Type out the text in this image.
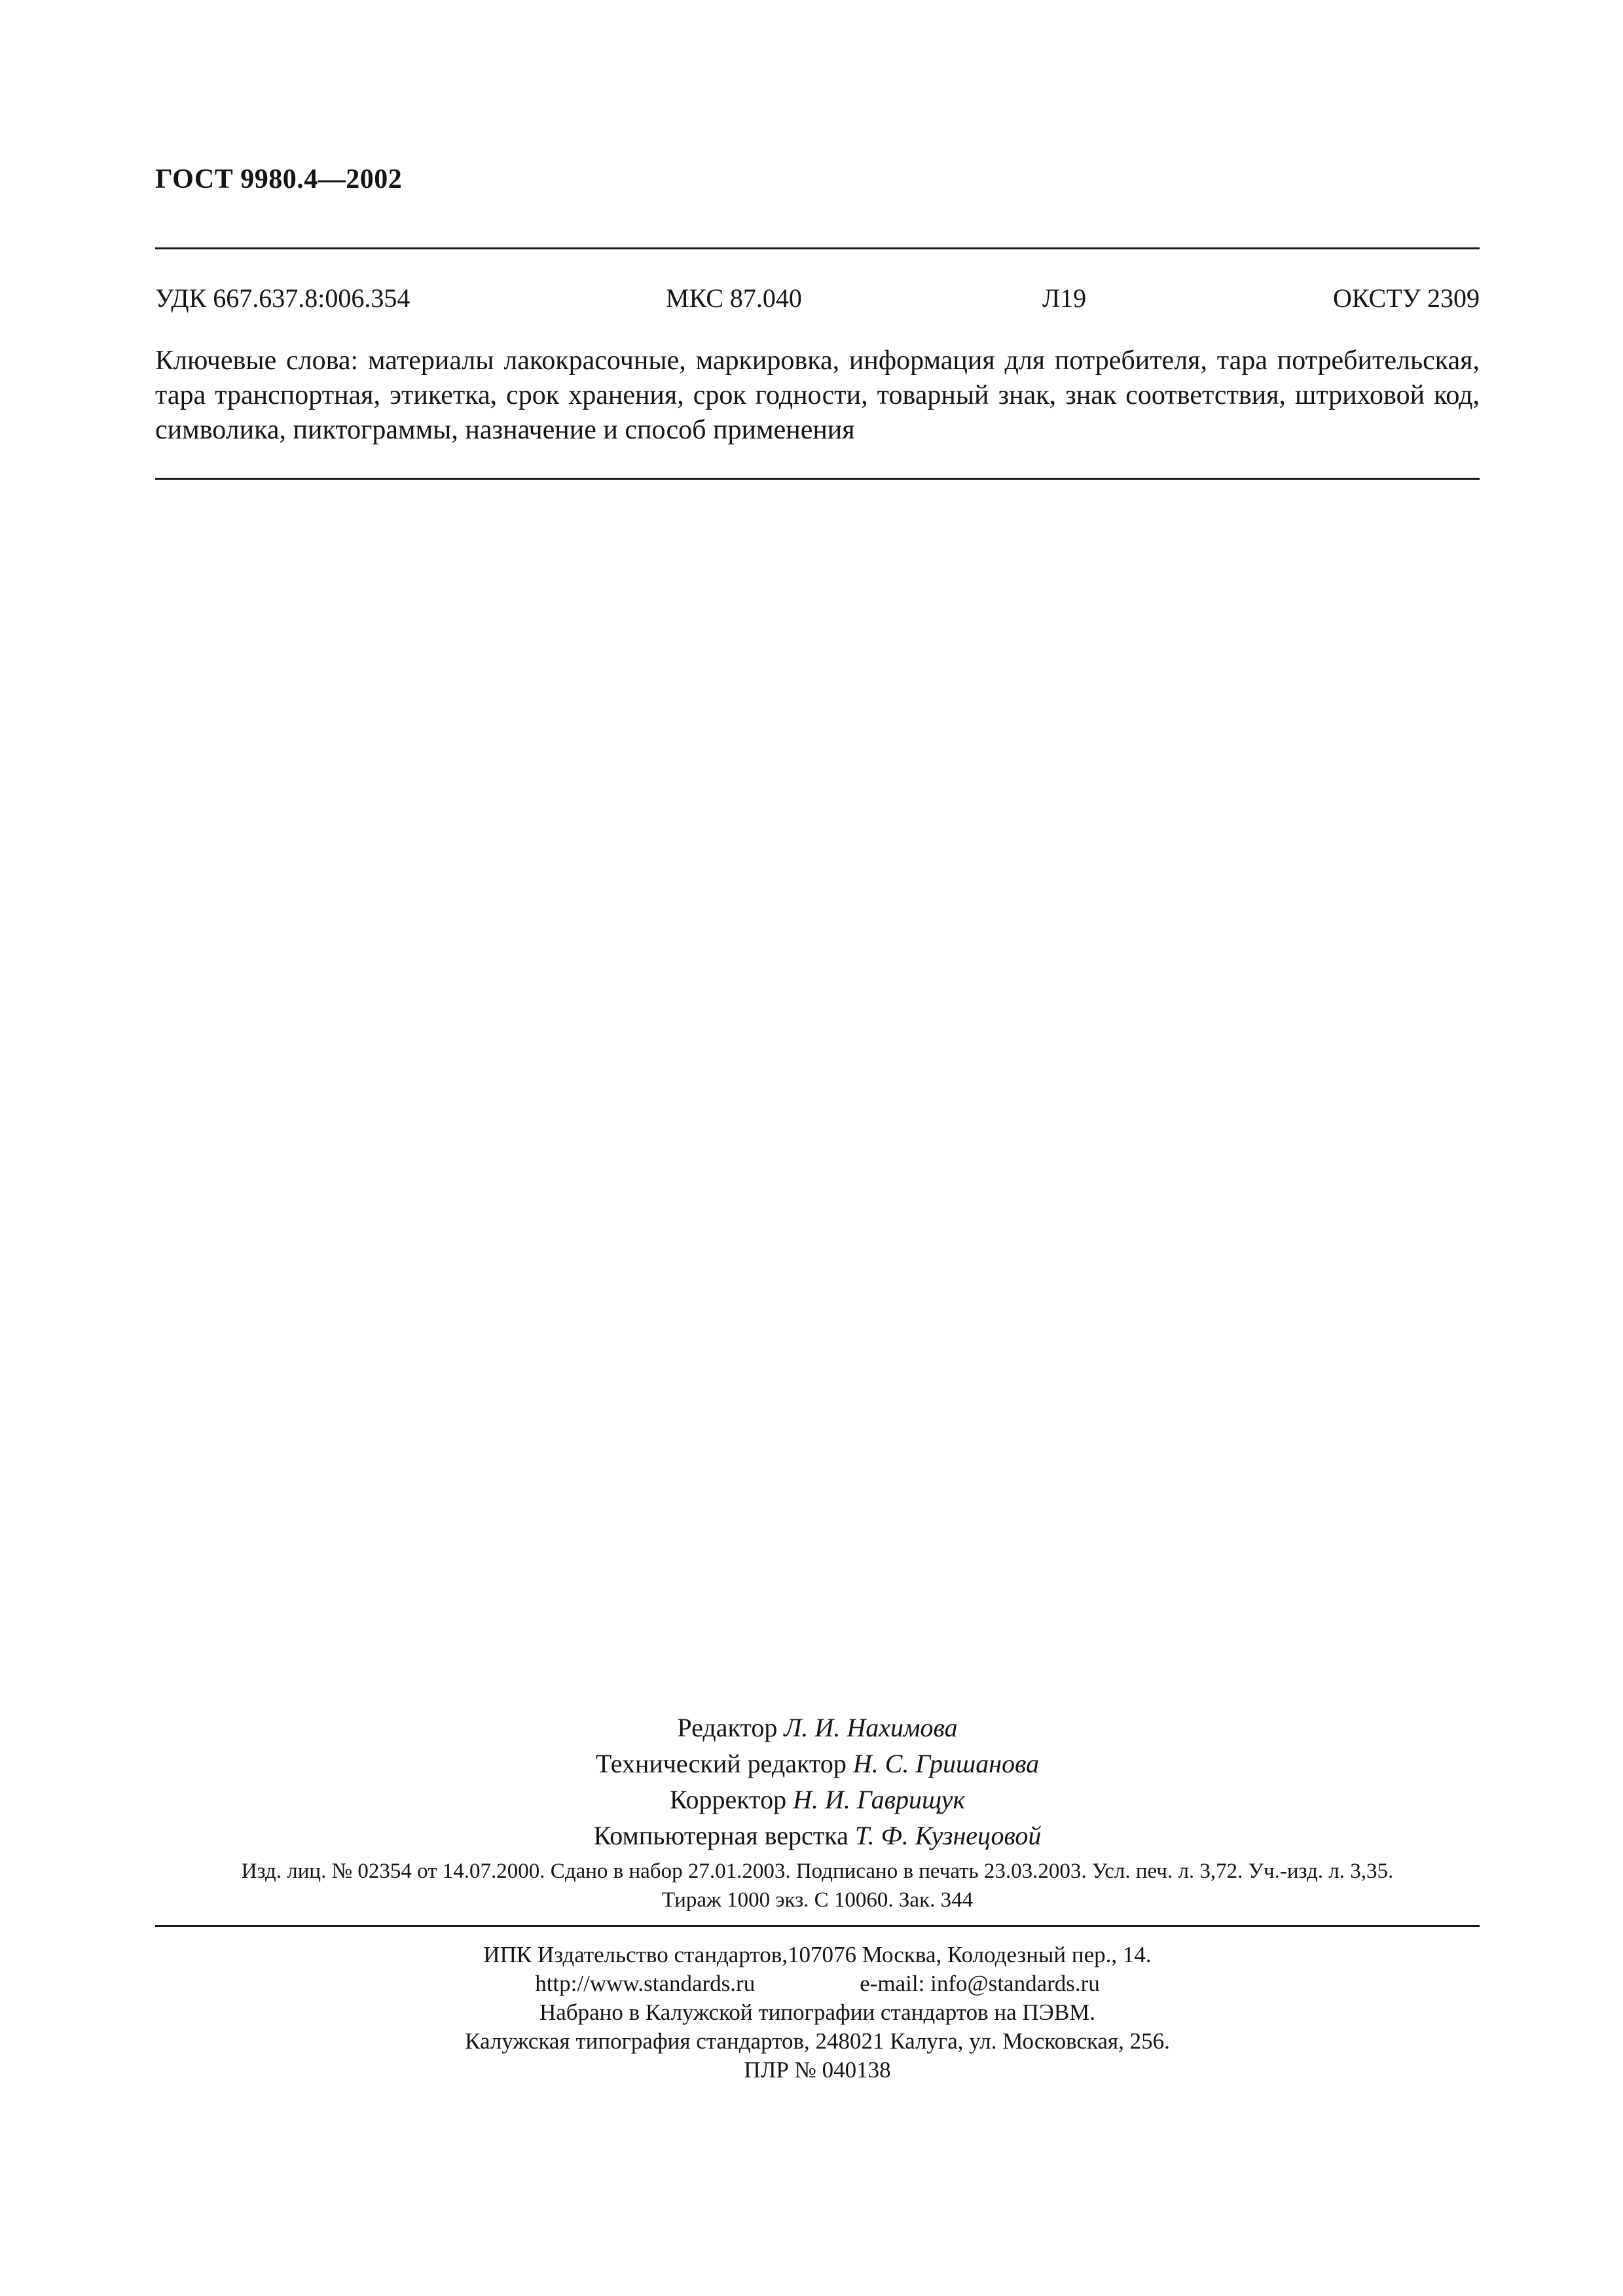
ГОСТ 9980.4—2002
УДК 667.637.8:006.354	МКС 87.040	Л19	ОКСТУ 2309
Ключевые слова: материалы лакокрасочные, маркировка, информация для потребителя, тара потребительская, тара транспортная, этикетка, срок хранения, срок годности, товарный знак, знак соответствия, штриховой код, символика, пиктограммы, назначение и способ применения
Редактор Л. И. Нахимова
Технический редактор Н. С. Гришанова
Корректор Н. И. Гаврищук
Компьютерная верстка Т. Ф. Кузнецовой
Изд. лиц. № 02354 от 14.07.2000. Сдано в набор 27.01.2003. Подписано в печать 23.03.2003. Усл. печ. л. 3,72. Уч.-изд. л. 3,35.
Тираж 1000 экз. С 10060. Зак. 344
ИПК Издательство стандартов,107076 Москва, Колодезный пер., 14.
http://www.standards.ru	e-mail: info@standards.ru
Набрано в Калужской типографии стандартов на ПЭВМ.
Калужская типография стандартов, 248021 Калуга, ул. Московская, 256.
ПЛР № 040138
